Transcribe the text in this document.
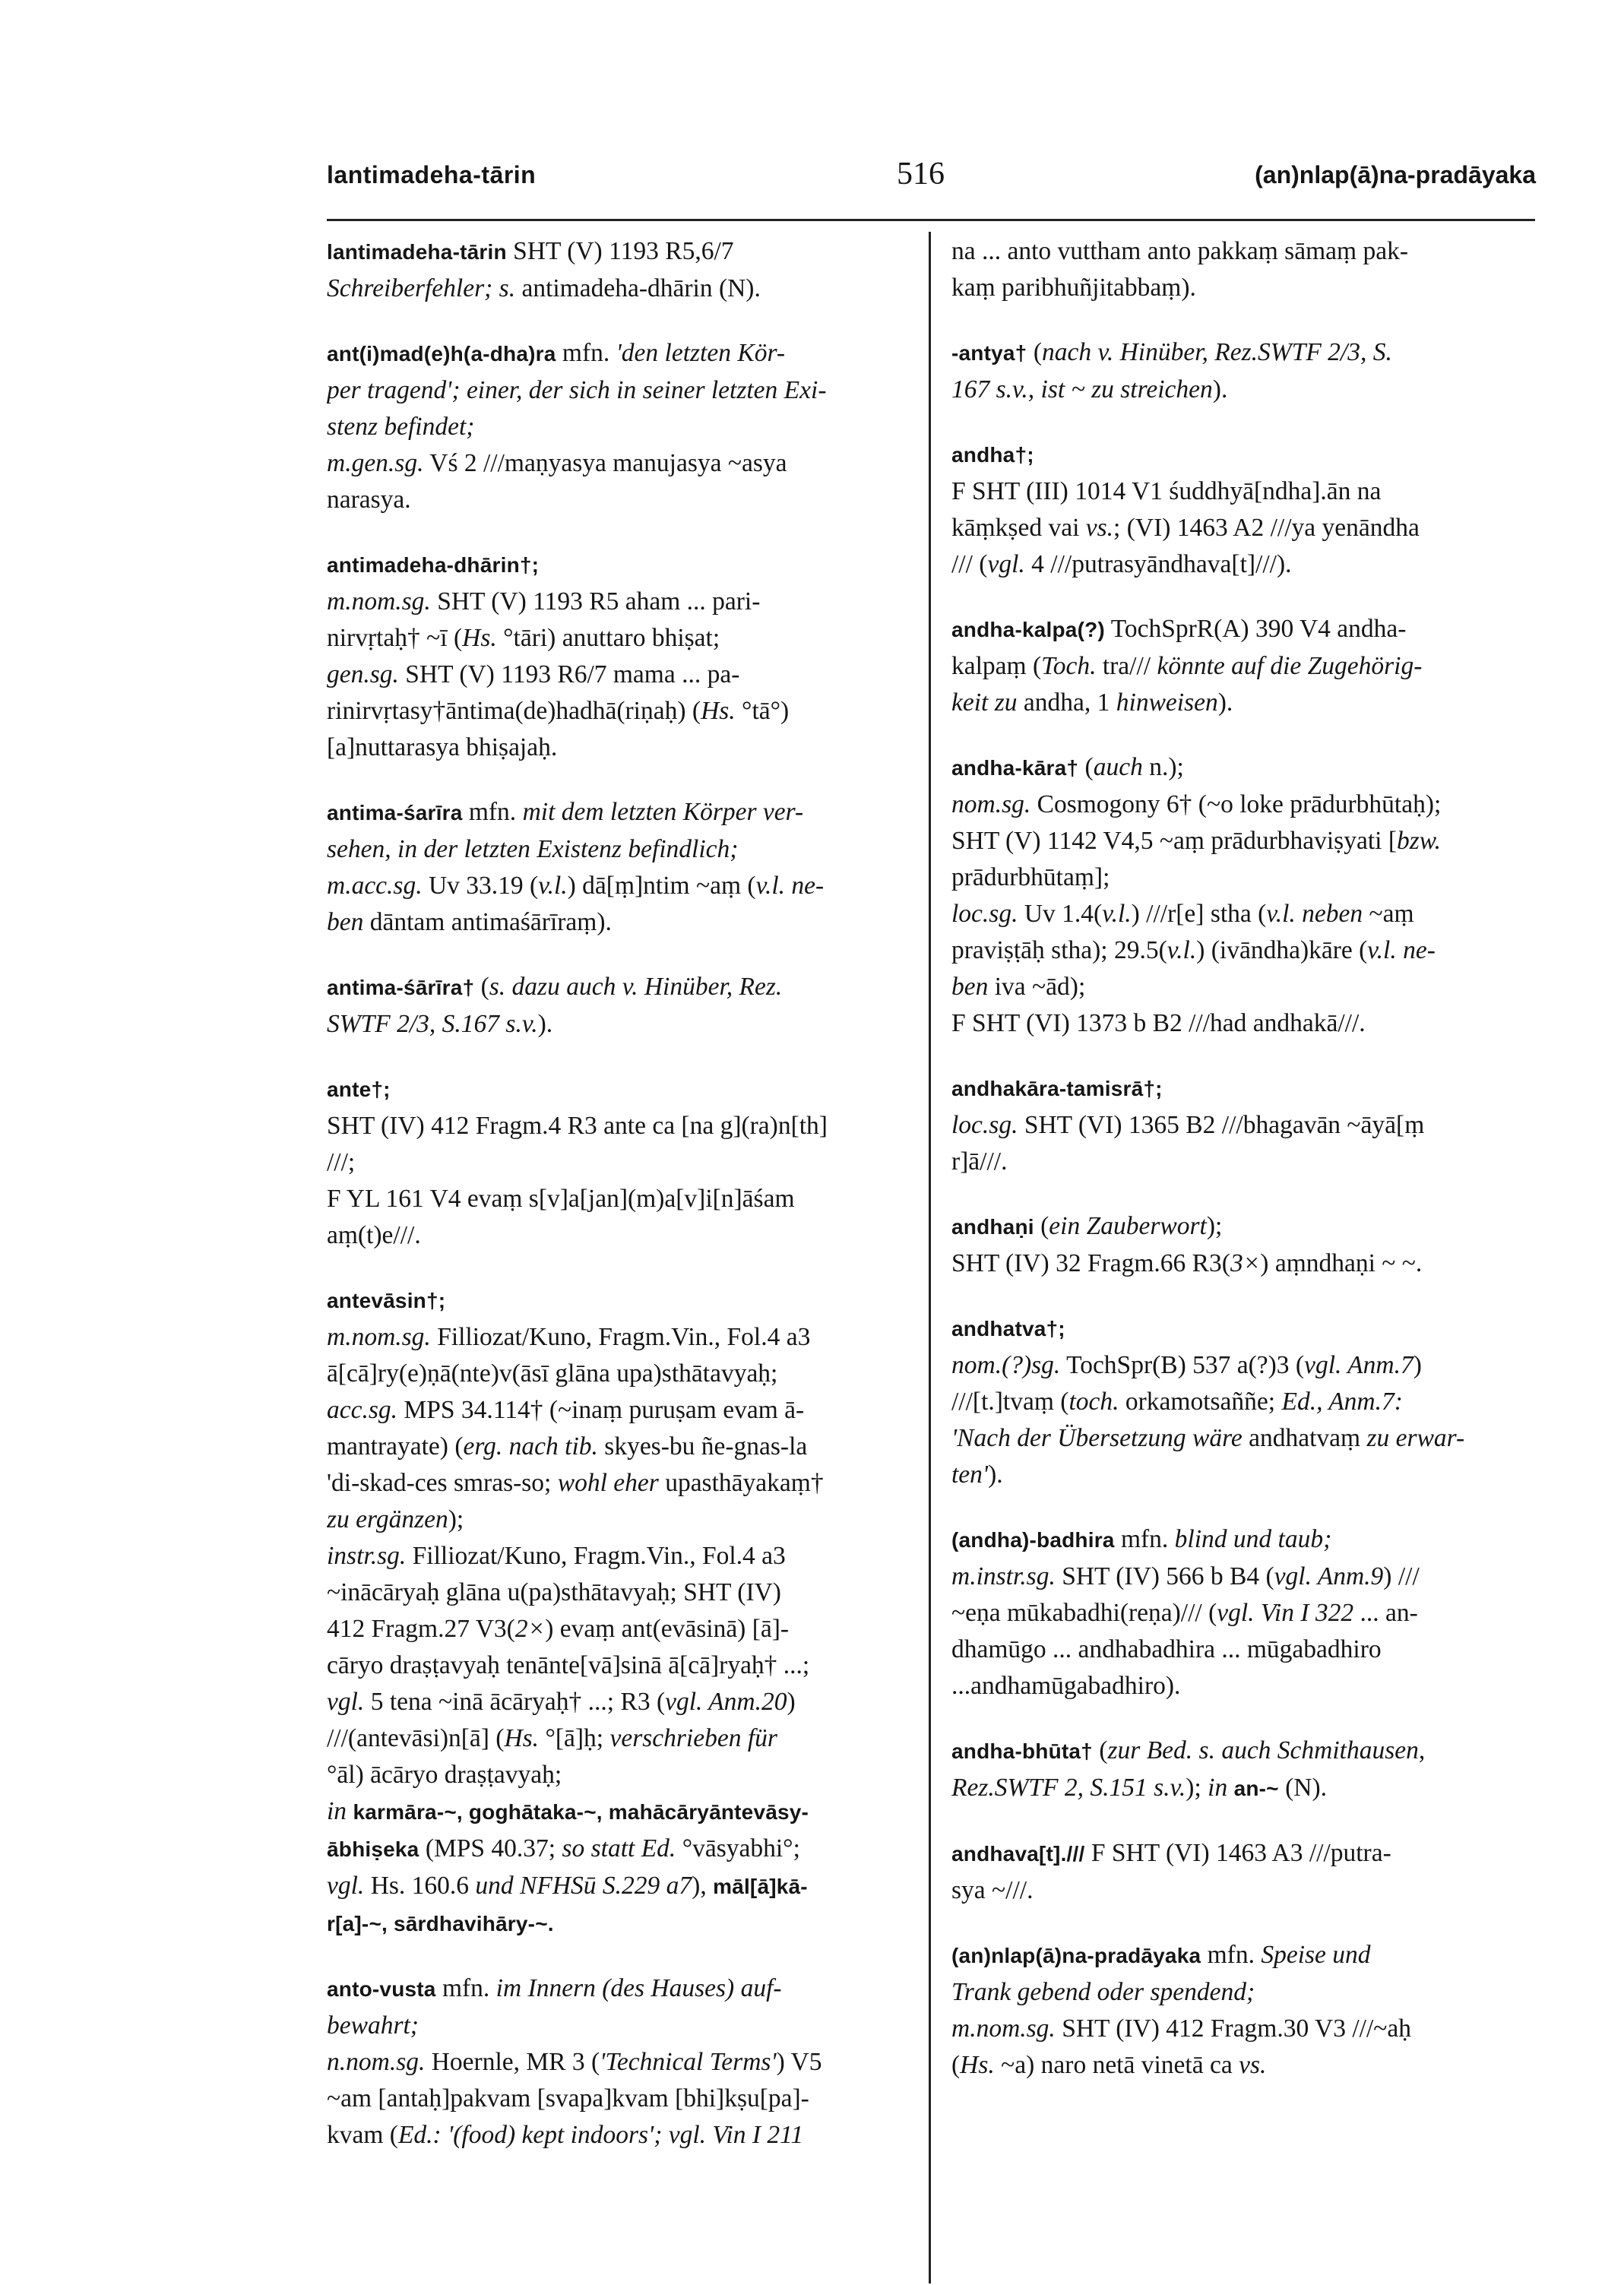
lantimadeha-tārin	516	(an)nlap(ā)na-pradāyaka
lantimadeha-tārin SHT (V) 1193 R5,6/7
Schreiberfehler; s. antimadeha-dhārin (N).
ant(i)mad(e)h(a-dha)ra mfn. 'den letzten Kör-
per tragend'; einer, der sich in seiner letzten Exi-
stenz befindet;
m.gen.sg. Vś 2 ///maṇyasya manujasya ~asya
narasya.
antimadeha-dhārin†;
m.nom.sg. SHT (V) 1193 R5 aham ... pari-
nirvṛtaḥ† ~ī (Hs. °tāri) anuttaro bhiṣat;
gen.sg. SHT (V) 1193 R6/7 mama ... pa-
rinirvṛtasy†āntima(de)hadhā(riṇaḥ) (Hs. °tā°)
[a]nuttarasya bhiṣajaḥ.
antima-śarīra mfn. mit dem letzten Körper ver-
sehen, in der letzten Existenz befindlich;
m.acc.sg. Uv 33.19 (v.l.) dā[ṃ]ntim ~aṃ (v.l. ne-
ben dāntam antimaśārīraṃ).
antima-śārīra† (s. dazu auch v. Hinüber, Rez.
SWTF 2/3, S.167 s.v.).
ante†;
SHT (IV) 412 Fragm.4 R3 ante ca [na g](ra)n[th]
///;
F YL 161 V4 evaṃ s[v]a[jan](m)a[v]i[n]āśam
aṃ(t)e///.
antevāsin†;
m.nom.sg. Filliozat/Kuno, Fragm.Vin., Fol.4 a3
ā[cā]ry(e)ṇā(nte)v(āsī glāna upa)sthātavyaḥ;
acc.sg. MPS 34.114† (~inaṃ puruṣam evam ā-
mantrayate) (erg. nach tib. skyes-bu ñe-gnas-la
'di-skad-ces smras-so; wohl eher upasthāyakaṃ†
zu ergänzen);
instr.sg. Filliozat/Kuno, Fragm.Vin., Fol.4 a3
~inācāryaḥ glāna u(pa)sthātavyaḥ; SHT (IV)
412 Fragm.27 V3(2×) evaṃ ant(evāsinā) [ā]-
cāryo draṣṭavyaḥ tenānte[vā]sinā ā[cā]ryaḥ† ...;
vgl. 5 tena ~inā ācāryaḥ† ...; R3 (vgl. Anm.20)
///(antevāsi)n[ā] (Hs. °[ā]ḥ; verschrieben für
°āl) ācāryo draṣṭavyaḥ;
in karmāra-~, goghātaka-~, mahācāryāntevāsy-
ābhiṣeka (MPS 40.37; so statt Ed. °vāsyabhi°;
vgl. Hs. 160.6 und NFHSū S.229 a7), māl[ā]kā-
r[a]-~, sārdhavihāry-~.
anto-vusta mfn. im Innern (des Hauses) auf-
bewahrt;
n.nom.sg. Hoernle, MR 3 ('Technical Terms') V5
~am [antaḥ]pakvam [svapa]kvam [bhi]kṣu[pa]-
kvam (Ed.: '(food) kept indoors'; vgl. Vin I 211
na ... anto vuttham anto pakkaṃ sāmaṃ pak-
kaṃ paribhuñjitabbaṃ).
-antya† (nach v. Hinüber, Rez.SWTF 2/3, S.
167 s.v., ist ~ zu streichen).
andha†;
F SHT (III) 1014 V1 śuddhyā[ndha].ān na
kāṃkṣed vai vs.; (VI) 1463 A2 ///ya yenāndha
/// (vgl. 4 ///putrasyāndhava[t]///).
andha-kalpa(?) TochSprR(A) 390 V4 andha-
kalpaṃ (Toch. tra/// könnte auf die Zugehörig-
keit zu andha, 1 hinweisen).
andha-kāra† (auch n.);
nom.sg. Cosmogony 6† (~o loke prādurbhūtaḥ);
SHT (V) 1142 V4,5 ~aṃ prādurbhaviṣyati [bzw.
prādurbhūtaṃ];
loc.sg. Uv 1.4(v.l.) ///r[e] stha (v.l. neben ~aṃ
praviṣṭāḥ stha); 29.5(v.l.) (ivāndha)kāre (v.l. ne-
ben iva ~ād);
F SHT (VI) 1373 b B2 ///had andhakā///.
andhakāra-tamisrā†;
loc.sg. SHT (VI) 1365 B2 ///bhagavān ~āyā[ṃ
r]ā///.
andhaṇi (ein Zauberwort);
SHT (IV) 32 Fragm.66 R3(3×) aṃndhaṇi ~ ~.
andhatva†;
nom.(?)sg. TochSpr(B) 537 a(?)3 (vgl. Anm.7)
///[t.]tvaṃ (toch. orkamotsaññe; Ed., Anm.7:
'Nach der Übersetzung wäre andhatvaṃ zu erwar-
ten').
(andha)-badhira mfn. blind und taub;
m.instr.sg. SHT (IV) 566 b B4 (vgl. Anm.9) ///
~eṇa mūkabadhi(reṇa)/// (vgl. Vin I 322 ... an-
dhamūgo ... andhabadhira ... mūgabadhiro
...andhamūgabadhiro).
andha-bhūta† (zur Bed. s. auch Schmithausen,
Rez.SWTF 2, S.151 s.v.); in an-~ (N).
andhava[t]./// F SHT (VI) 1463 A3 ///putra-
sya ~///.
(an)nlap(ā)na-pradāyaka mfn. Speise und
Trank gebend oder spendend;
m.nom.sg. SHT (IV) 412 Fragm.30 V3 ///~aḥ
(Hs. ~a) naro netā vinetā ca vs.
